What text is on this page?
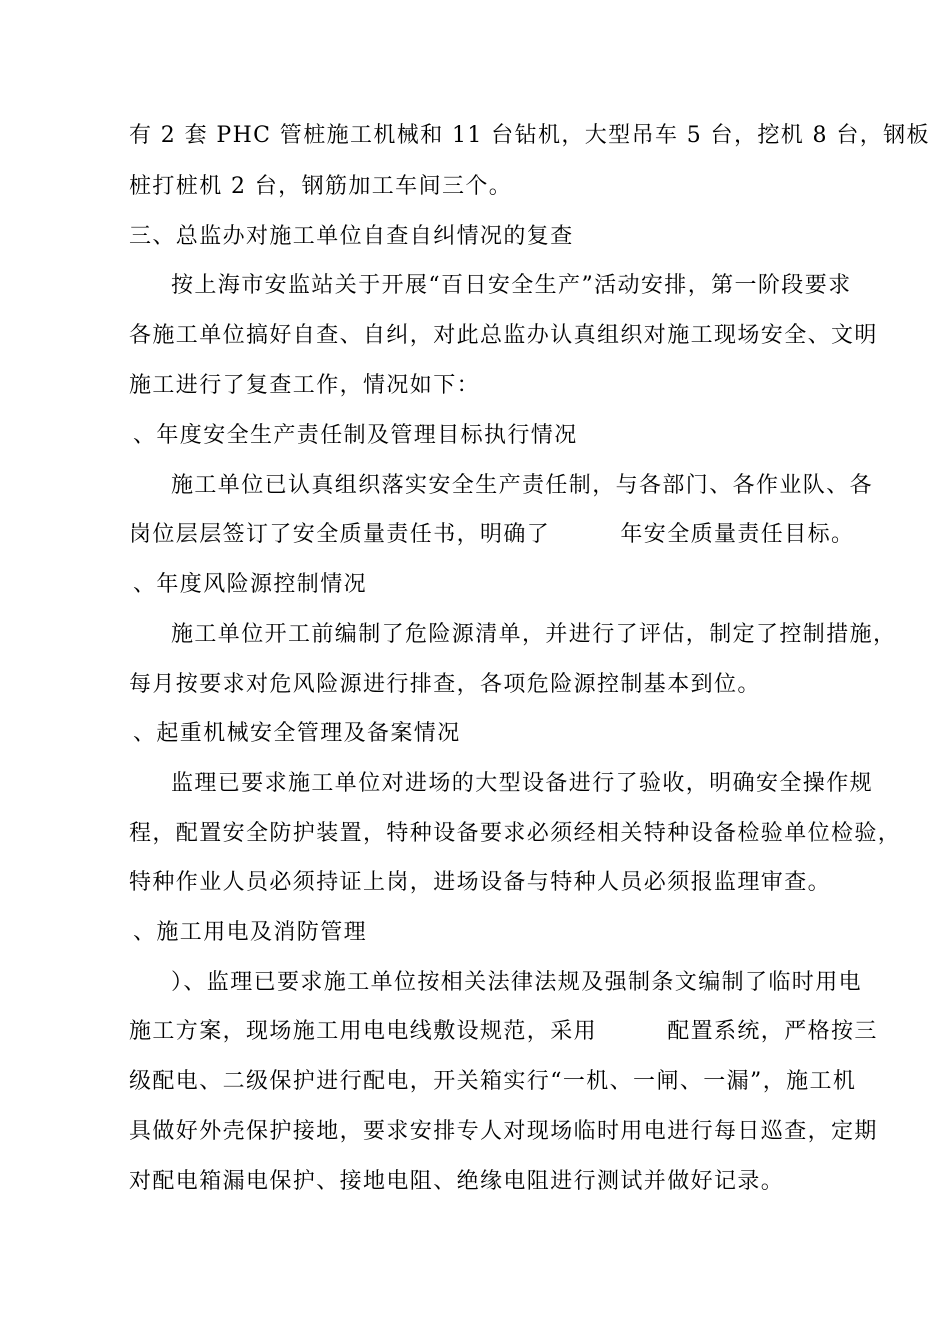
有 2 套 PHC 管桩施工机械和 11 台钻机，大型吊车 5 台，挖机 8 台，钢板
桩打桩机 2 台，钢筋加工车间三个。
三、总监办对施工单位自查自纠情况的复查
按上海市安监站关于开展“百日安全生产”活动安排，第一阶段要求
各施工单位搞好自查、自纠，对此总监办认真组织对施工现场安全、文明
施工进行了复查工作，情况如下：
、年度安全生产责任制及管理目标执行情况
施工单位已认真组织落实安全生产责任制，与各部门、各作业队、各
岗位层层签订了安全质量责任书，明确了　　　年安全质量责任目标。
、年度风险源控制情况
施工单位开工前编制了危险源清单，并进行了评估，制定了控制措施，
每月按要求对危风险源进行排查，各项危险源控制基本到位。
、起重机械安全管理及备案情况
监理已要求施工单位对进场的大型设备进行了验收，明确安全操作规
程，配置安全防护装置，特种设备要求必须经相关特种设备检验单位检验，
特种作业人员必须持证上岗，进场设备与特种人员必须报监理审查。
、施工用电及消防管理
）、监理已要求施工单位按相关法律法规及强制条文编制了临时用电
施工方案，现场施工用电电线敷设规范，采用　　　配置系统，严格按三
级配电、二级保护进行配电，开关箱实行“一机、一闸、一漏”，施工机
具做好外壳保护接地，要求安排专人对现场临时用电进行每日巡查，定期
对配电箱漏电保护、接地电阻、绝缘电阻进行测试并做好记录。
